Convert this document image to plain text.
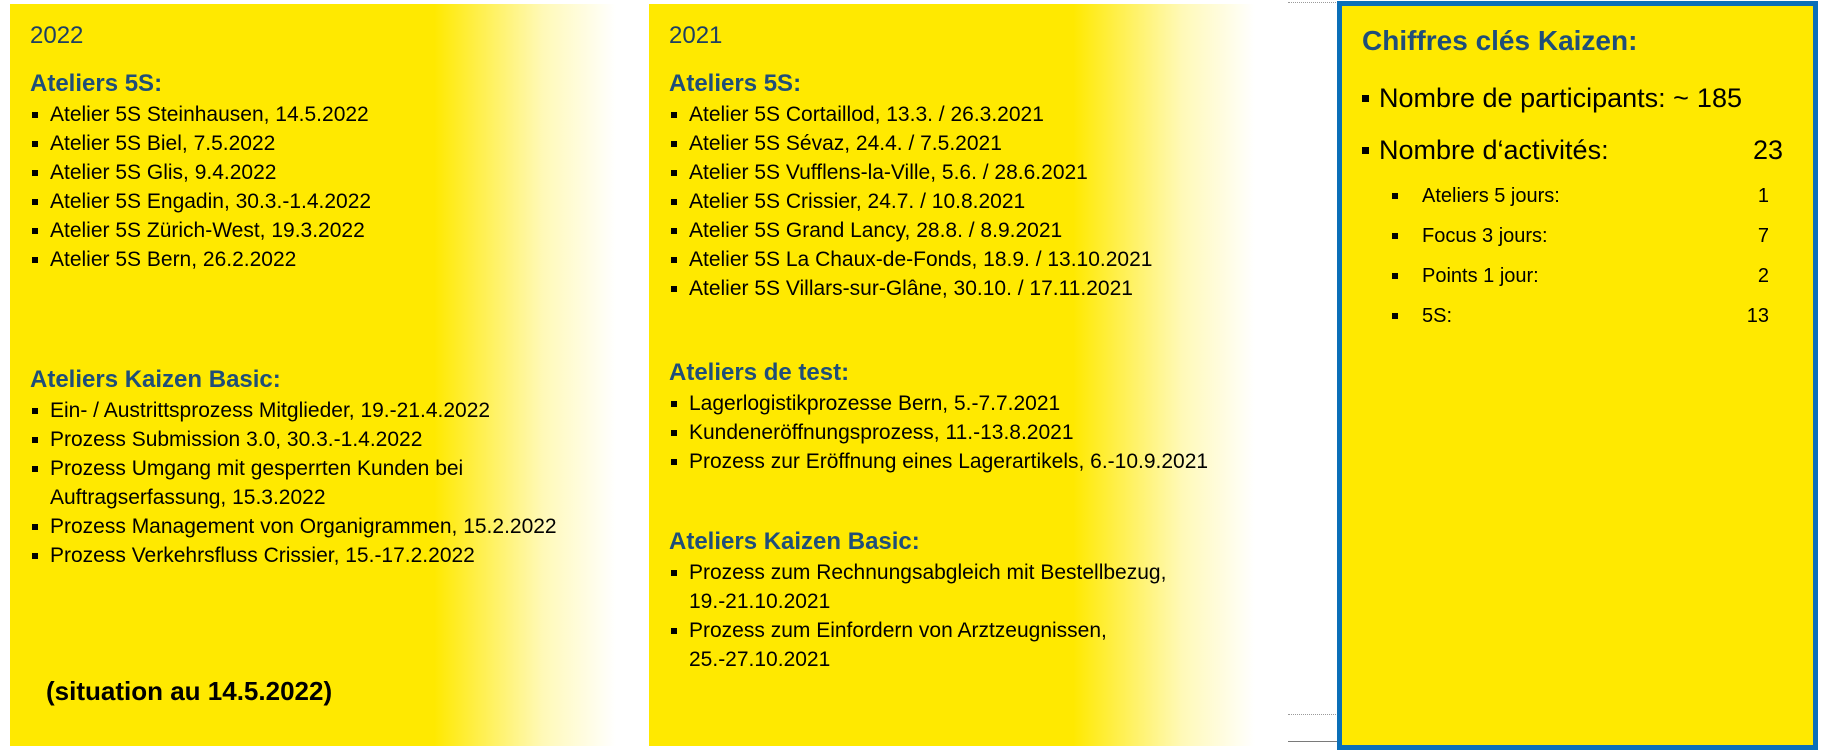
2022
Ateliers 5S:
Atelier 5S Steinhausen, 14.5.2022
Atelier 5S Biel, 7.5.2022
Atelier 5S Glis, 9.4.2022
Atelier 5S Engadin, 30.3.-1.4.2022
Atelier 5S Zürich-West, 19.3.2022
Atelier 5S Bern, 26.2.2022
Ateliers Kaizen Basic:
Ein- / Austrittsprozess Mitglieder, 19.-21.4.2022
Prozess Submission 3.0, 30.3.-1.4.2022
Prozess Umgang mit gesperrten Kunden bei Auftragserfassung, 15.3.2022
Prozess Management von Organigrammen, 15.2.2022
Prozess Verkehrsfluss Crissier, 15.-17.2.2022
(situation au 14.5.2022)
2021
Ateliers 5S:
Atelier 5S Cortaillod, 13.3. / 26.3.2021
Atelier 5S Sévaz, 24.4. / 7.5.2021
Atelier 5S Vufflens-la-Ville, 5.6. / 28.6.2021
Atelier 5S Crissier, 24.7. / 10.8.2021
Atelier 5S Grand Lancy, 28.8. / 8.9.2021
Atelier 5S La Chaux-de-Fonds, 18.9. / 13.10.2021
Atelier 5S Villars-sur-Glâne, 30.10. / 17.11.2021
Ateliers de test:
Lagerlogistikprozesse Bern, 5.-7.7.2021
Kundeneröffnungsprozess, 11.-13.8.2021
Prozess zur Eröffnung eines Lagerartikels, 6.-10.9.2021
Ateliers Kaizen Basic:
Prozess zum Rechnungsabgleich mit Bestellbezug, 19.-21.10.2021
Prozess zum Einfordern von Arztzeugnissen, 25.-27.10.2021
Chiffres clés Kaizen:
Nombre de participants: ~ 185
Nombre d‘activités:	23
Ateliers 5 jours:	1
Focus 3 jours:	7
Points 1 jour:	2
5S:	13
